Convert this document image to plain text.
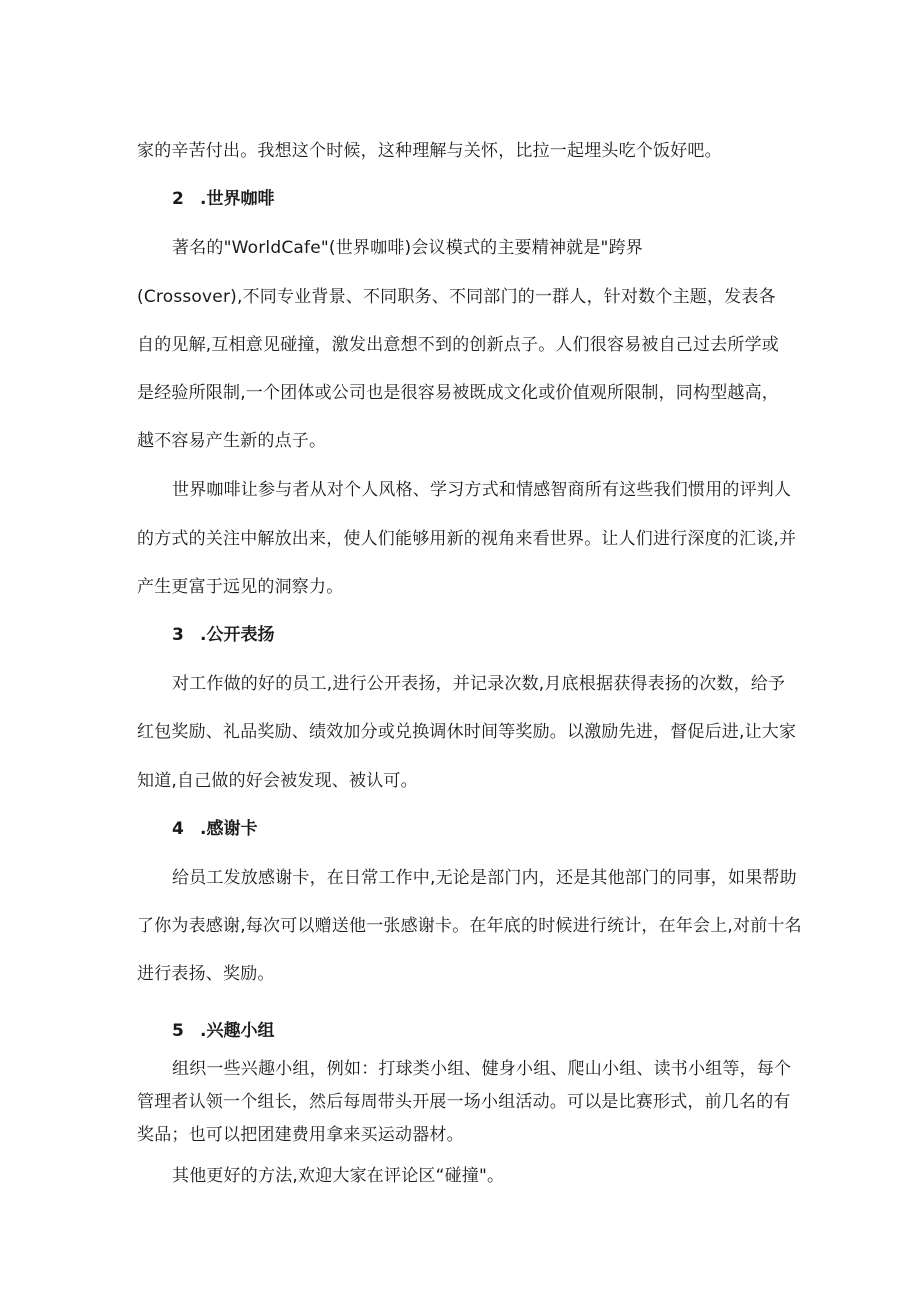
家的辛苦付出。我想这个时候，这种理解与关怀，比拉一起埋头吃个饭好吧。
2 .世界咖啡
著名的"WorldCafe"(世界咖啡)会议模式的主要精神就是"跨界
(Crossover),不同专业背景、不同职务、不同部门的一群人，针对数个主题，发表各
自的见解,互相意见碰撞，激发出意想不到的创新点子。人们很容易被自己过去所学或
是经验所限制,一个团体或公司也是很容易被既成文化或价值观所限制，同构型越高，
越不容易产生新的点子。
世界咖啡让参与者从对个人风格、学习方式和情感智商所有这些我们惯用的评判人
的方式的关注中解放出来，使人们能够用新的视角来看世界。让人们进行深度的汇谈,并
产生更富于远见的洞察力。
3 .公开表扬
对工作做的好的员工,进行公开表扬，并记录次数,月底根据获得表扬的次数，给予
红包奖励、礼品奖励、绩效加分或兑换调休时间等奖励。以激励先进，督促后进,让大家
知道,自己做的好会被发现、被认可。
4 .感谢卡
给员工发放感谢卡，在日常工作中,无论是部门内，还是其他部门的同事，如果帮助
了你为表感谢,每次可以赠送他一张感谢卡。在年底的时候进行统计，在年会上,对前十名
进行表扬、奖励。
5 .兴趣小组
组织一些兴趣小组，例如：打球类小组、健身小组、爬山小组、读书小组等，每个
管理者认领一个组长，然后每周带头开展一场小组活动。可以是比赛形式，前几名的有
奖品；也可以把团建费用拿来买运动器材。
其他更好的方法,欢迎大家在评论区“碰撞"。
